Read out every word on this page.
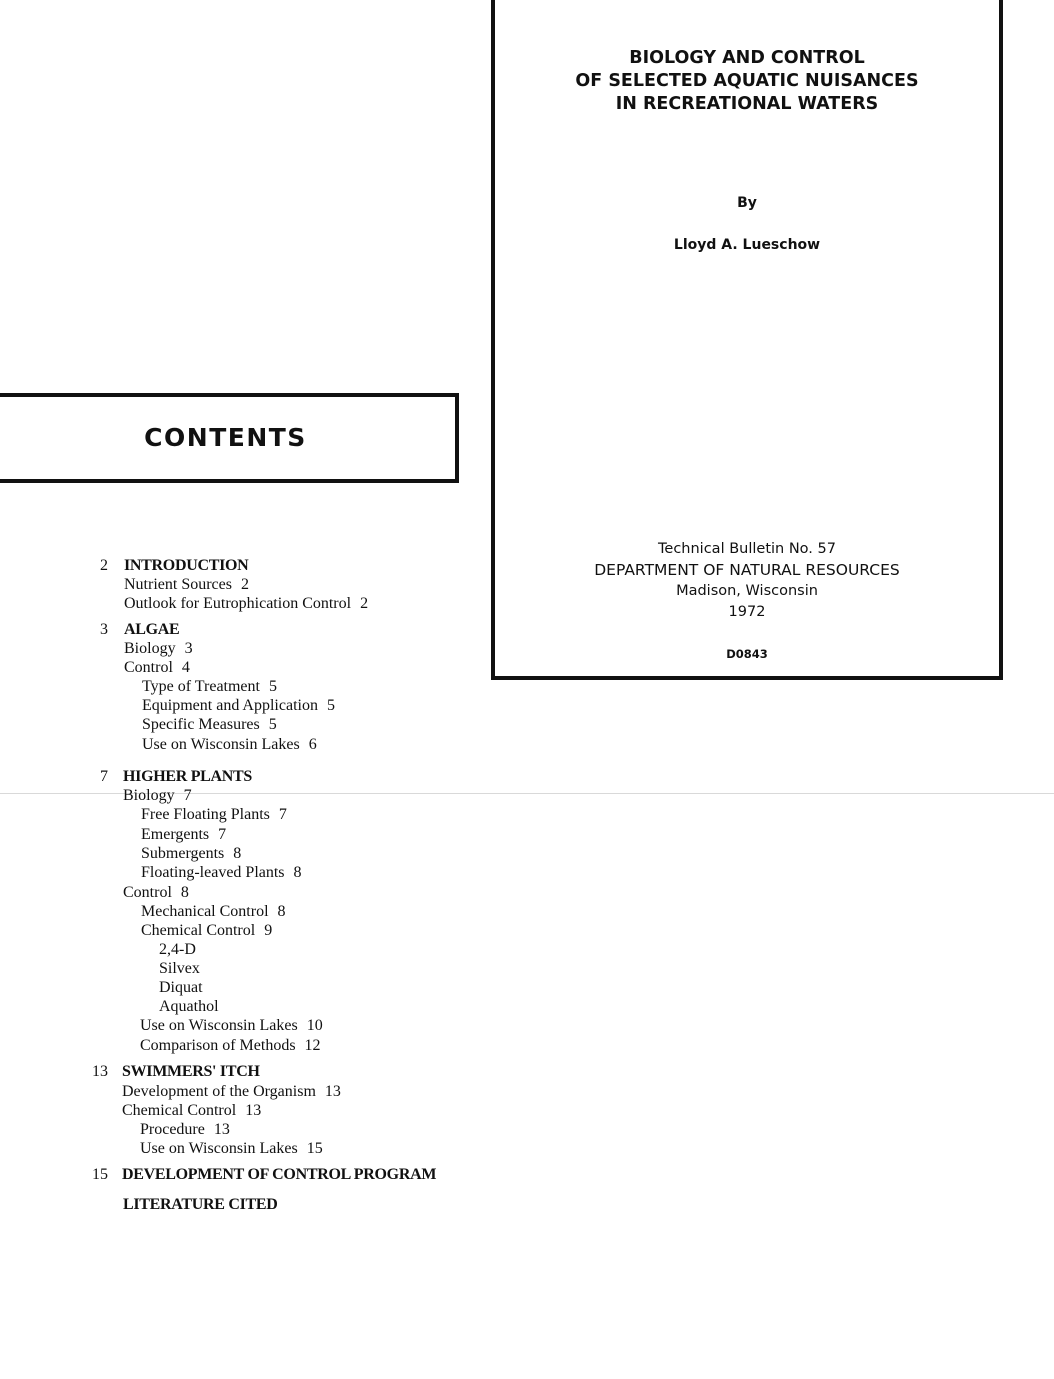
BIOLOGY AND CONTROL
OF SELECTED AQUATIC NUISANCES
IN RECREATIONAL WATERS
By
Lloyd A. Lueschow
Technical Bulletin No. 57
DEPARTMENT OF NATURAL RESOURCES
Madison, Wisconsin
1972
D0843
CONTENTS
2 INTRODUCTION
Nutrient Sources 2
Outlook for Eutrophication Control 2
3 ALGAE
Biology 3
Control 4
Type of Treatment 5
Equipment and Application 5
Specific Measures 5
Use on Wisconsin Lakes 6
7 HIGHER PLANTS
Biology 7
Free Floating Plants 7
Emergents 7
Submergents 8
Floating-leaved Plants 8
Control 8
Mechanical Control 8
Chemical Control 9
2,4-D
Silvex
Diquat
Aquathol
Use on Wisconsin Lakes 10
Comparison of Methods 12
13 SWIMMERS' ITCH
Development of the Organism 13
Chemical Control 13
Procedure 13
Use on Wisconsin Lakes 15
15 DEVELOPMENT OF CONTROL PROGRAM
LITERATURE CITED
